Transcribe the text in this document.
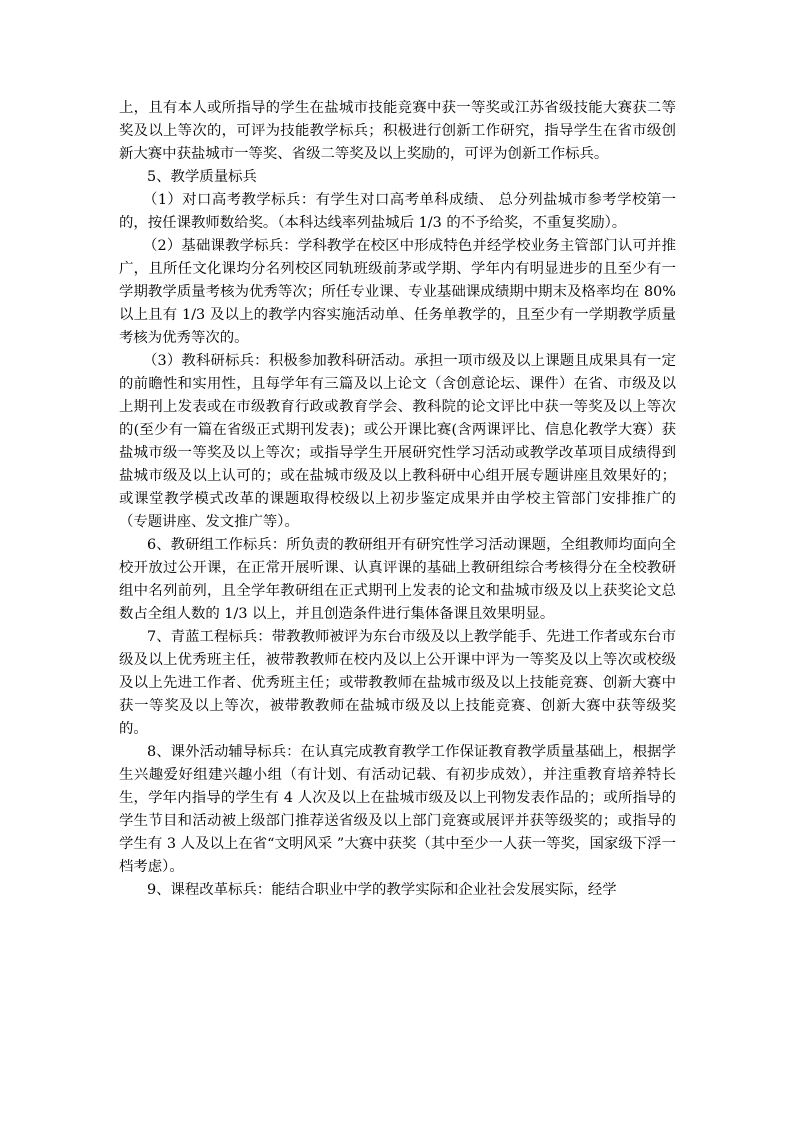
上，且有本人或所指导的学生在盐城市技能竞赛中获一等奖或江苏省级技能大赛获二等奖及以上等次的，可评为技能教学标兵；积极进行创新工作研究，指导学生在省市级创新大赛中获盐城市一等奖、省级二等奖及以上奖励的，可评为创新工作标兵。

5、教学质量标兵

（1）对口高考教学标兵：有学生对口高考单科成绩、 总分列盐城市参考学校第一的，按任课教师数给奖。（本科达线率列盐城后 1/3 的不予给奖，不重复奖励）。

（2）基础课教学标兵：学科教学在校区中形成特色并经学校业务主管部门认可并推广，且所任文化课均分名列校区同轨班级前茅或学期、学年内有明显进步的且至少有一学期教学质量考核为优秀等次；所任专业课、专业基础课成绩期中期末及格率均在 80%以上且有 1/3 及以上的教学内容实施活动单、任务单教学的，且至少有一学期教学质量考核为优秀等次的。

（3）教科研标兵：积极参加教科研活动。承担一项市级及以上课题且成果具有一定的前瞻性和实用性，且每学年有三篇及以上论文（含创意论坛、课件）在省、市级及以上期刊上发表或在市级教育行政或教育学会、教科院的论文评比中获一等奖及以上等次的(至少有一篇在省级正式期刊发表)；或公开课比赛(含两课评比、信息化教学大赛）获盐城市级一等奖及以上等次；或指导学生开展研究性学习活动或教学改革项目成绩得到盐城市级及以上认可的；或在盐城市级及以上教科研中心组开展专题讲座且效果好的；或课堂教学模式改革的课题取得校级以上初步鉴定成果并由学校主管部门安排推广的（专题讲座、发文推广等）。

6、教研组工作标兵：所负责的教研组开有研究性学习活动课题，全组教师均面向全校开放过公开课，在正常开展听课、认真评课的基础上教研组综合考核得分在全校教研组中名列前列，且全学年教研组在正式期刊上发表的论文和盐城市级及以上获奖论文总数占全组人数的 1/3 以上，并且创造条件进行集体备课且效果明显。

7、青蓝工程标兵：带教教师被评为东台市级及以上教学能手、先进工作者或东台市级及以上优秀班主任，被带教教师在校内及以上公开课中评为一等奖及以上等次或校级及以上先进工作者、优秀班主任；或带教教师在盐城市级及以上技能竞赛、创新大赛中获一等奖及以上等次，被带教教师在盐城市级及以上技能竞赛、创新大赛中获等级奖的。

8、课外活动辅导标兵：在认真完成教育教学工作保证教育教学质量基础上，根据学生兴趣爱好组建兴趣小组（有计划、有活动记载、有初步成效），并注重教育培养特长生，学年内指导的学生有 4 人次及以上在盐城市级及以上刊物发表作品的；或所指导的学生节目和活动被上级部门推荐送省级及以上部门竞赛或展评并获等级奖的；或指导的学生有 3 人及以上在省“文明风采 ”大赛中获奖（其中至少一人获一等奖，国家级下浮一档考虑）。

9、课程改革标兵：能结合职业中学的教学实际和企业社会发展实际，经学
